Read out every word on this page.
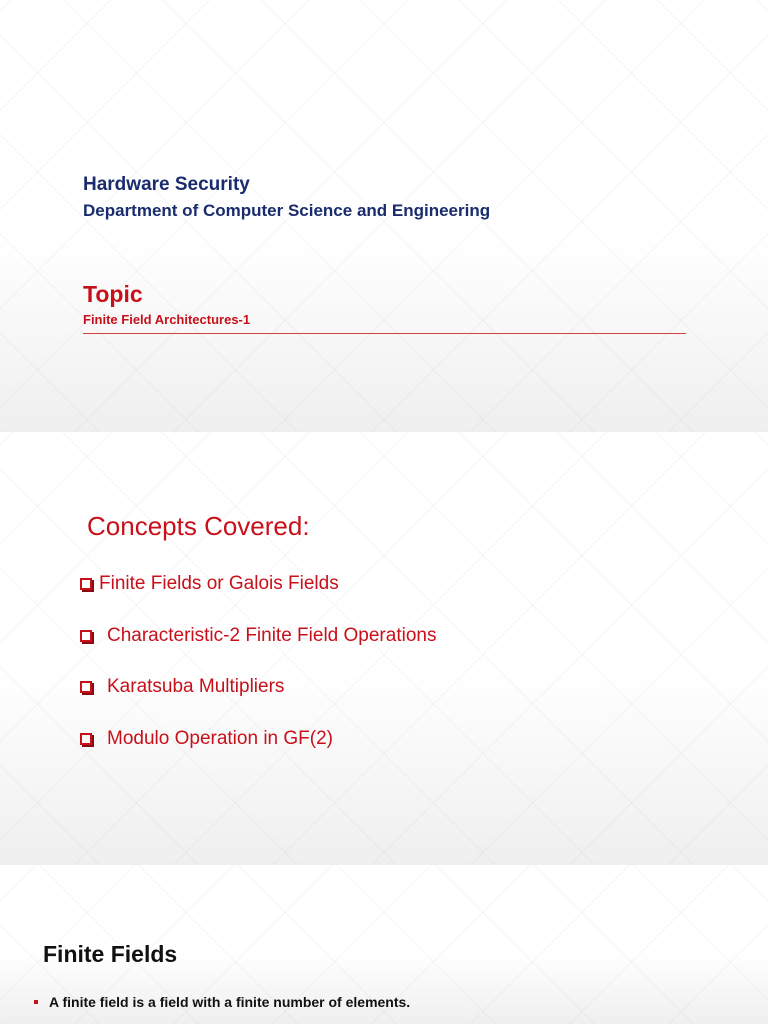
Hardware Security
Department of Computer Science and Engineering
Topic

Finite Field Architectures-1

Concepts Covered:
Finite Fields or Galois Fields
Characteristic-2 Finite Field Operations
Karatsuba Multipliers
Modulo Operation in GF(2)
Finite Fields
A finite field is a field with a finite number of elements.
